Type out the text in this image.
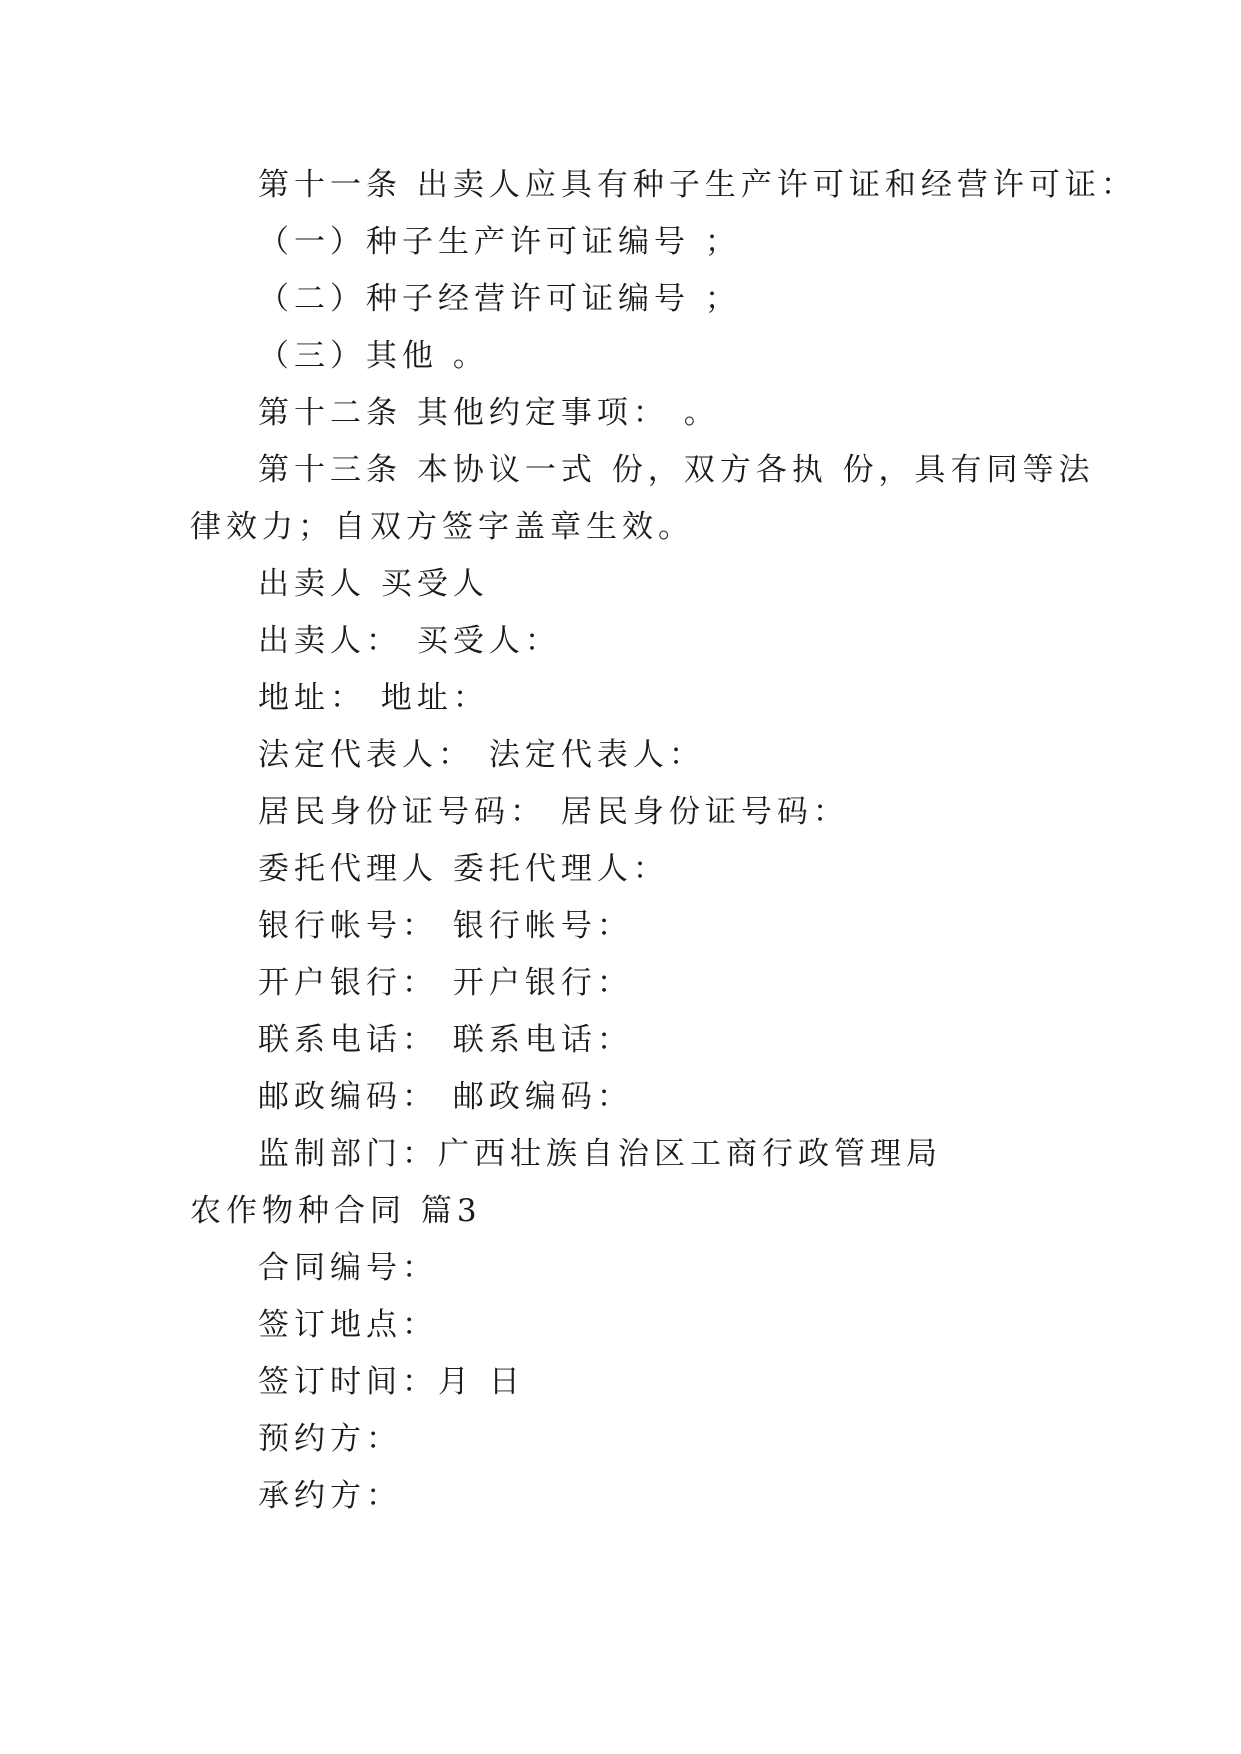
第十一条 出卖人应具有种子生产许可证和经营许可证：
（一）种子生产许可证编号 ；
（二）种子经营许可证编号 ；
（三）其他 。
第十二条 其他约定事项： 。
第十三条 本协议一式 份，双方各执 份，具有同等法
律效力；自双方签字盖章生效。
出卖人 买受人
出卖人： 买受人：
地址： 地址：
法定代表人： 法定代表人：
居民身份证号码： 居民身份证号码：
委托代理人 委托代理人：
银行帐号： 银行帐号：
开户银行： 开户银行：
联系电话： 联系电话：
邮政编码： 邮政编码：
监制部门：广西壮族自治区工商行政管理局
农作物种合同 篇3
合同编号：
签订地点：
签订时间：月 日
预约方：
承约方：
